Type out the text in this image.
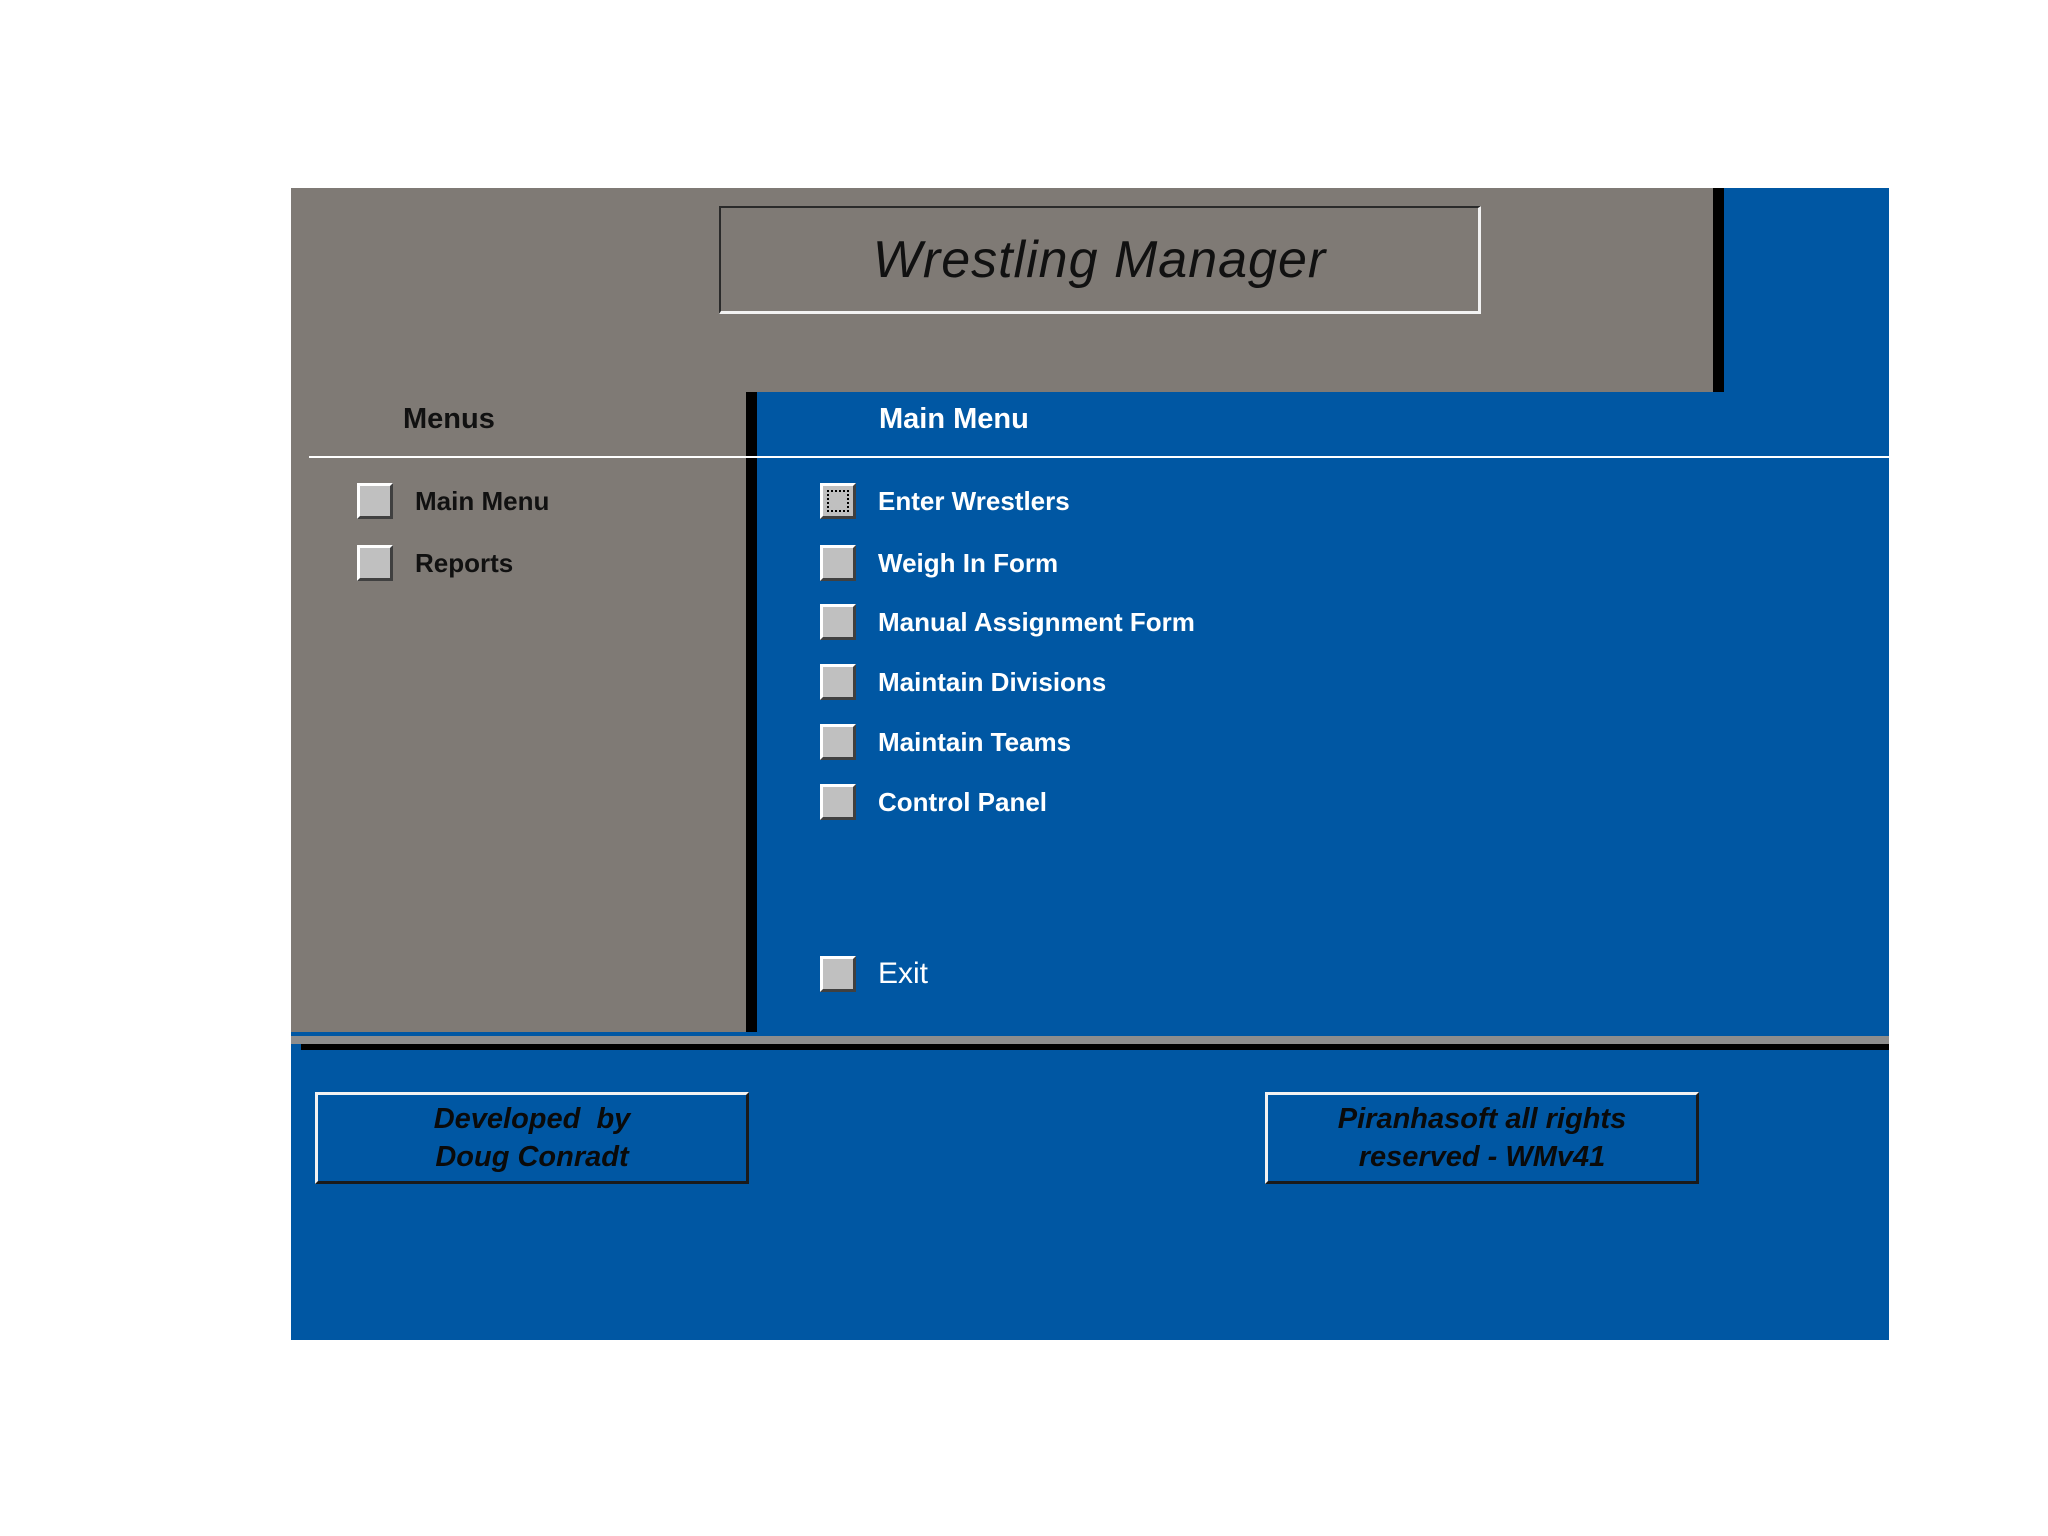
Wrestling Manager
Menus	Main Menu
Main Menu
Reports
Enter Wrestlers
Weigh In Form
Manual Assignment Form
Maintain Divisions
Maintain Teams
Control Panel
Exit
Developed  by
Doug Conradt
Piranhasoft all rights
reserved - WMv41
